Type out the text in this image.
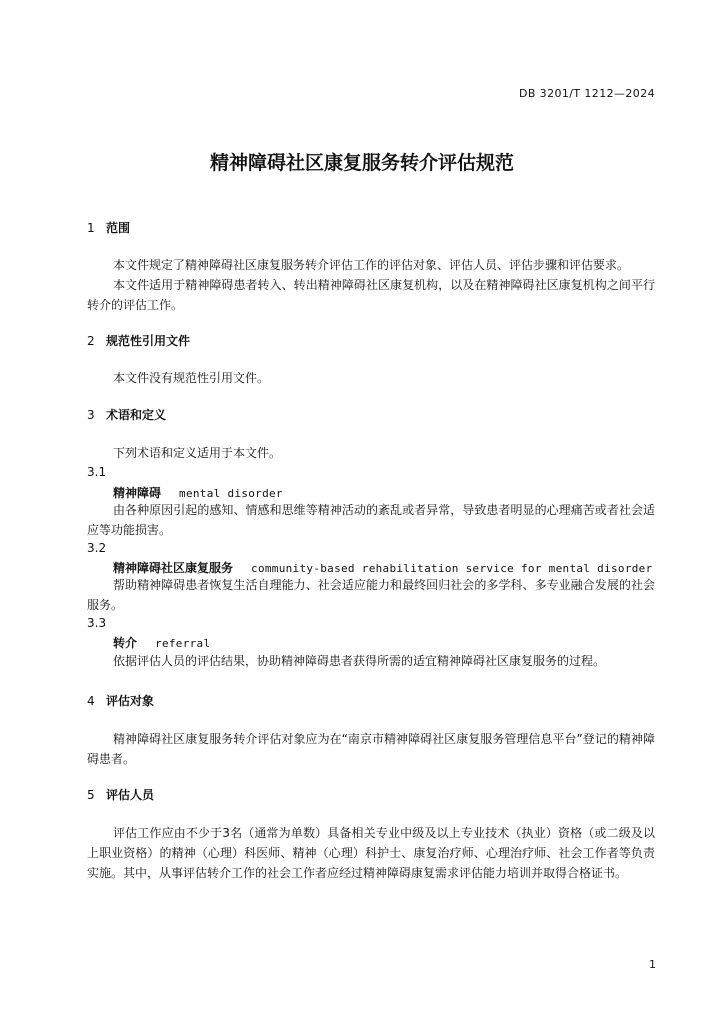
DB 3201/T 1212—2024
精神障碍社区康复服务转介评估规范
1 范围
本文件规定了精神障碍社区康复服务转介评估工作的评估对象、评估人员、评估步骤和评估要求。
本文件适用于精神障碍患者转入、转出精神障碍社区康复机构，以及在精神障碍社区康复机构之间平行转介的评估工作。
2 规范性引用文件
本文件没有规范性引用文件。
3 术语和定义
下列术语和定义适用于本文件。
3.1
精神障碍 mental disorder
由各种原因引起的感知、情感和思维等精神活动的紊乱或者异常，导致患者明显的心理痛苦或者社会适应等功能损害。
3.2
精神障碍社区康复服务 community-based rehabilitation service for mental disorder
帮助精神障碍患者恢复生活自理能力、社会适应能力和最终回归社会的多学科、多专业融合发展的社会服务。
3.3
转介 referral
依据评估人员的评估结果，协助精神障碍患者获得所需的适宜精神障碍社区康复服务的过程。
4 评估对象
精神障碍社区康复服务转介评估对象应为在“南京市精神障碍社区康复服务管理信息平台”登记的精神障碍患者。
5 评估人员
评估工作应由不少于3名（通常为单数）具备相关专业中级及以上专业技术（执业）资格（或二级及以上职业资格）的精神（心理）科医师、精神（心理）科护士、康复治疗师、心理治疗师、社会工作者等负责实施。其中，从事评估转介工作的社会工作者应经过精神障碍康复需求评估能力培训并取得合格证书。
1
